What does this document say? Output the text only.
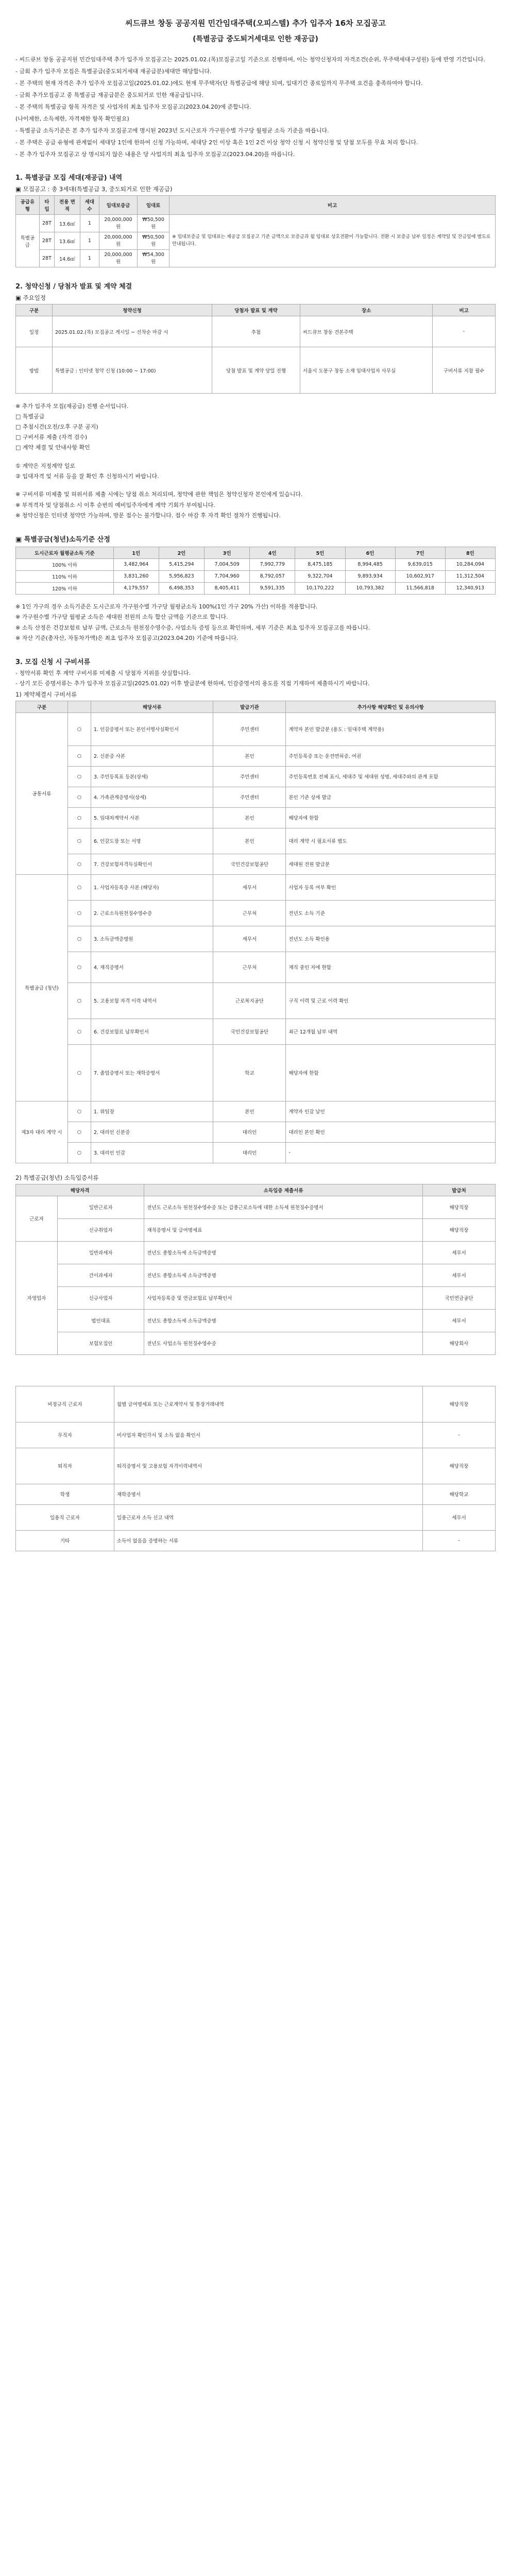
씨드큐브 창동 공공지원 민간임대주택(오피스텔) 추가 입주자 16차 모집공고
(특별공급 중도퇴거세대로 인한 재공급)

- 씨드큐브 창동 공공지원 민간임대주택 추가 입주자 모집공고는 2025.01.02.(목)모집공고일 기준으로 진행하며, 이는 청약신청자의 자격조건(순위, 무주택세대구성원) 등에 반영 기간입니다.

- 금회 추가 입주자 모집은 특별공급(중도퇴거세대 재공급분)세대만 해당합니다.

- 본 주택의 현재 자격은 추가 입주자 모집공고일(2025.01.02.)에도 현재 무주택자(단 특별공급에 해당 되며, 입대기간 종료일까지 무주택 요건을 충족하여야 합니다.

- 금회 추가모집공고 중 특별공급 재공급분은 중도퇴거로 인한 재공급입니다.

- 본 주택의 특별공급 항목 자격은 및 사업자의 최초 입주자 모집공고(2023.04.20)에 준합니다.

(나이제한, 소득제한, 자격제한 항목 확인필요)

- 특별공급 소득기준은 본 추가 입주자 모집공고에 명시된 2023년 도시근로자 가구원수별 가구당 월평균 소득 기준을 따릅니다.

- 본 주택은 공급 유형에 관계없이 세대당 1인에 한하여 신청 가능하며, 세대당 2인 이상 혹은 1인 2건 이상 청약 신청 시 청약신청 및 당첨 모두를 무효 처리 합니다.

- 본 추가 입주자 모집공고 상 명시되지 않은 내용은 당 사업지의 최초 입주자 모집공고(2023.04.20)를 따릅니다.

1. 특별공급 모집 세대(재공급) 내역
▣ 모집공고 : 총 3세대(특별공급 3, 중도퇴거로 인한 재공급)
공급유형	타입	전용 면적	세대수	임대보증금	임대료	비고
특별공급	28T	13.6㎡	1	20,000,000원	₩50,500원	※ 임대보증금 및 임대료는 재공급 모집공고 기준 금액으로 보증금과 월 임대료 상호전환이 가능합니다. 전환 시 보증금 납부 일정은 계약일 및 잔금일에 별도로 안내됩니다.
	28T	13.6㎡	1	20,000,000원	₩50,500원	
	28T	14.6㎡	1	20,000,000원	₩54,300원	
2. 청약신청 / 당첨자 발표 및 계약 체결
▣ 주요일정
구분	청약신청	당첨자 발표 및 계약	장소	비고
일정	2025.01.02.(목) 모집공고 게시일 ~ 선착순 마감 시	추첨	씨드큐브 창동 견본주택	-
방법	특별공급 : 인터넷 청약 신청 (10:00 ~ 17:00)	당첨 발표 및 계약 당일 진행	서울시 도봉구 창동 소재 임대사업자 사무실	구비서류 지참 필수

※ 추가 입주자 모집(재공급) 진행 순서입니다.

□ 특별공급

□ 추첨시간(오전/오후 구분 공지)

□ 구비서류 제출 (자격 검수)

□ 계약 체결 및 안내사항 확인

① 계약은 지정계약 일로

② 입대자격 및 서류 등을 잘 확인 후 신청하시기 바랍니다.

※ 구비서류 미제출 및 허위서류 제출 시에는 당첨 취소 처리되며, 청약에 관한 책임은 청약신청자 본인에게 있습니다.

※ 부적격자 및 당첨취소 시 이후 순번의 예비입주자에게 계약 기회가 부여됩니다.

※ 청약신청은 인터넷 청약만 가능하며, 방문 접수는 불가합니다. 접수 마감 후 자격 확인 절차가 진행됩니다.

▣ 특별공급(청년)소득기준 산정
도시근로자 월평균소득 기준	1인	2인	3인	4인	5인	6인	7인	8인
100% 이하	3,482,964	5,415,294	7,004,509	7,992,779	8,475,185	8,994,485	9,639,015	10,284,094
110% 이하	3,831,260	5,956,823	7,704,960	8,792,057	9,322,704	9,893,934	10,602,917	11,312,504
120% 이하	4,179,557	6,498,353	8,405,411	9,591,335	10,170,222	10,793,382	11,566,818	12,340,913

※ 1인 가구의 경우 소득기준은 도시근로자 가구원수별 가구당 월평균소득 100%(1인 가구 20% 가산) 이하를 적용합니다.

※ 가구원수별 가구당 월평균 소득은 세대원 전원의 소득 합산 금액을 기준으로 합니다.

※ 소득 산정은 건강보험료 납부 금액, 근로소득 원천징수영수증, 사업소득 증빙 등으로 확인하며, 세부 기준은 최초 입주자 모집공고를 따릅니다.

※ 자산 기준(총자산, 자동차가액)은 최초 입주자 모집공고(2023.04.20) 기준에 따릅니다.

3. 모집 신청 시 구비서류

- 청약서류 확인 후 계약 구비서류 미제출 시 당첨자 지위를 상실합니다.

- 상기 모든 증명서류는 추가 입주자 모집공고일(2025.01.02) 이후 발급분에 한하며, 인감증명서의 용도를 직접 기재하여 제출하시기 바랍니다.

1) 계약체결시 구비서류
구분		해당서류	발급기관	추가사항 해당확인 및 유의사항
공통서류	○	1. 인감증명서 또는 본인서명사실확인서	주민센터	계약자 본인 발급분 (용도 : 임대주택 계약용)
	○	2. 신분증 사본	본인	주민등록증 또는 운전면허증, 여권
	○	3. 주민등록표 등본(상세)	주민센터	주민등록번호 전체 표시, 세대주 및 세대원 성명, 세대주와의 관계 포함
	○	4. 가족관계증명서(상세)	주민센터	본인 기준 상세 발급
	○	5. 임대차계약서 사본	본인	해당자에 한함
	○	6. 인감도장 또는 서명	본인	대리 계약 시 필요서류 별도
	○	7. 건강보험자격득실확인서	국민건강보험공단	세대원 전원 발급분
특별공급 (청년)	○	1. 사업자등록증 사본 (해당자)	세무서	사업자 등록 여부 확인
	○	2. 근로소득원천징수영수증	근무처	전년도 소득 기준
	○	3. 소득금액증명원	세무서	전년도 소득 확인용
	○	4. 재직증명서	근무처	재직 중인 자에 한함
	○	5. 고용보험 자격 이력 내역서	근로복지공단	구직 이력 및 근로 이력 확인
	○	6. 건강보험료 납부확인서	국민건강보험공단	최근 12개월 납부 내역
	○	7. 졸업증명서 또는 재학증명서	학교	해당자에 한함
제3자 대리 계약 시	○	1. 위임장	본인	계약자 인감 날인
	○	2. 대리인 신분증	대리인	대리인 본인 확인
	○	3. 대리인 인감	대리인	-
2) 특별공급(청년) 소득입증서류
해당자격		소득입증 제출서류	발급처
근로자	일반근로자	전년도 근로소득 원천징수영수증 또는 갑종근로소득에 대한 소득세 원천징수증명서	해당직장
	신규취업자	재직증명서 및 급여명세표	해당직장
자영업자	일반과세자	전년도 종합소득세 소득금액증명	세무서
	간이과세자	전년도 종합소득세 소득금액증명	세무서
	신규사업자	사업자등록증 및 연금보험료 납부확인서	국민연금공단
	법인대표	전년도 종합소득세 소득금액증명	세무서
	보험모집인	전년도 사업소득 원천징수영수증	해당회사
비정규직 근로자	월별 급여명세표 또는 근로계약서 및 통장거래내역	해당직장
무직자	비사업자 확인각서 및 소득 없음 확인서	-
퇴직자	퇴직증명서 및 고용보험 자격이력내역서	해당직장
학생	재학증명서	해당학교
일용직 근로자	일용근로자 소득 신고 내역	세무서
기타	소득이 없음을 증명하는 서류	-
